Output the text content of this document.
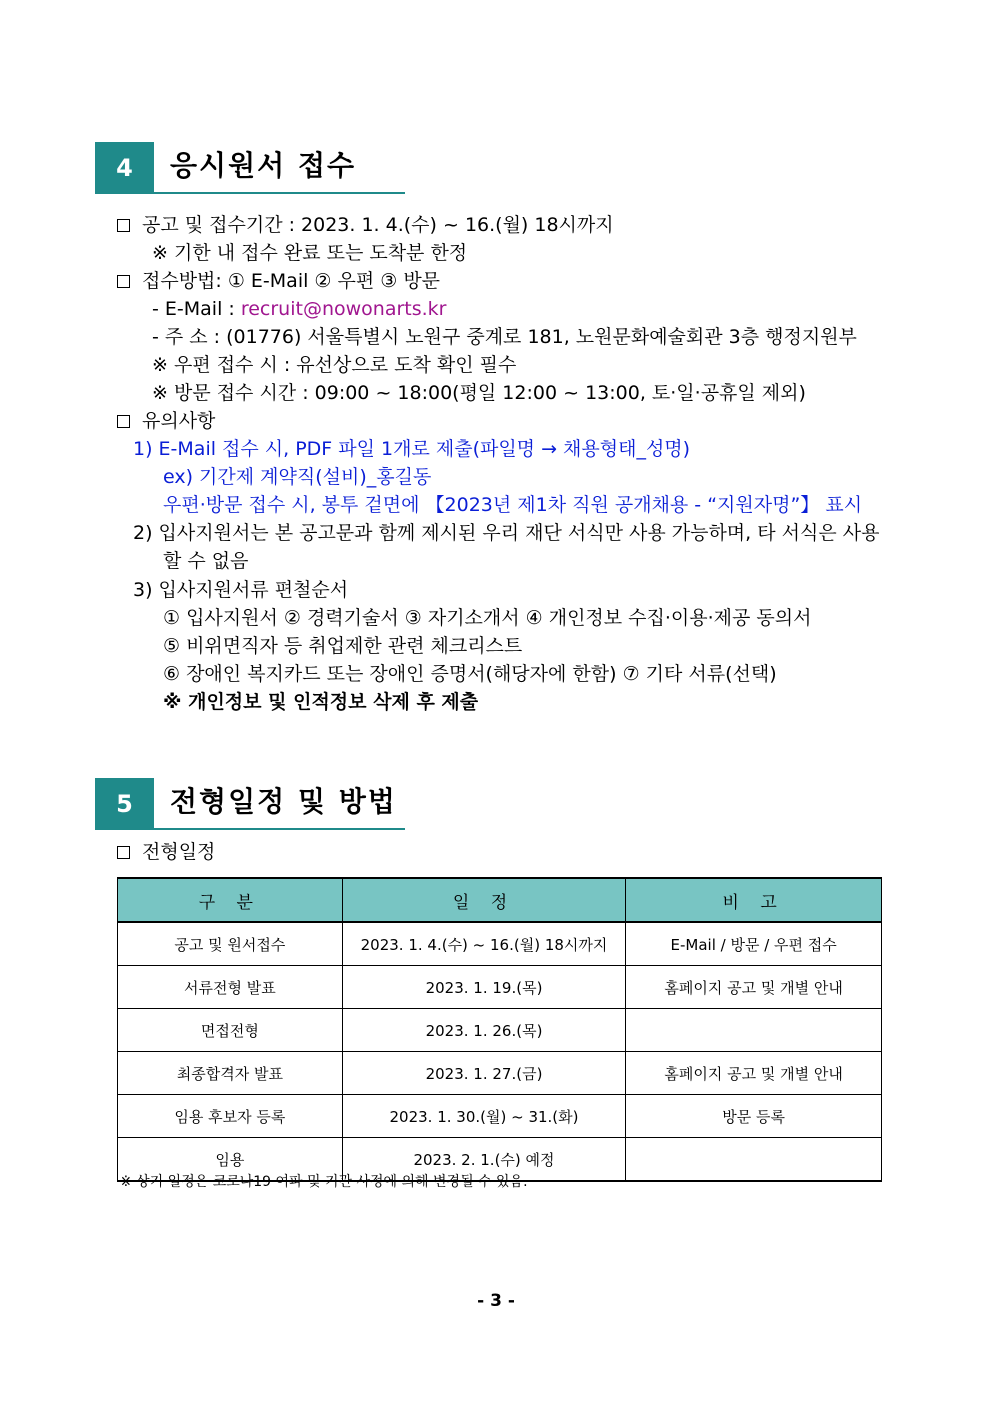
4	응시원서 접수
공고 및 접수기간 : 2023. 1. 4.(수) ~ 16.(월) 18시까지
※ 기한 내 접수 완료 또는 도착분 한정
접수방법: ① E-Mail ② 우편 ③ 방문
- E-Mail : recruit@nowonarts.kr
- 주 소 : (01776) 서울특별시 노원구 중계로 181, 노원문화예술회관 3층 행정지원부
※ 우편 접수 시 : 유선상으로 도착 확인 필수
※ 방문 접수 시간 : 09:00 ~ 18:00(평일 12:00 ~ 13:00, 토·일·공휴일 제외)
유의사항
1) E-Mail 접수 시, PDF 파일 1개로 제출(파일명 → 채용형태_성명)
ex) 기간제 계약직(설비)_홍길동
우편·방문 접수 시, 봉투 겉면에 【2023년 제1차 직원 공개채용 - “지원자명”】 표시
2) 입사지원서는 본 공고문과 함께 제시된 우리 재단 서식만 사용 가능하며, 타 서식은 사용
할 수 없음
3) 입사지원서류 편철순서
① 입사지원서 ② 경력기술서 ③ 자기소개서 ④ 개인정보 수집·이용·제공 동의서
⑤ 비위면직자 등 취업제한 관련 체크리스트
⑥ 장애인 복지카드 또는 장애인 증명서(해당자에 한함) ⑦ 기타 서류(선택)
※ 개인정보 및 인적정보 삭제 후 제출
5	전형일정 및 방법
전형일정
구 분	일 정	비 고
공고 및 원서접수	2023. 1. 4.(수) ~ 16.(월) 18시까지	E-Mail / 방문 / 우편 접수
서류전형 발표	2023. 1. 19.(목)	홈페이지 공고 및 개별 안내
면접전형	2023. 1. 26.(목)	
최종합격자 발표	2023. 1. 27.(금)	홈페이지 공고 및 개별 안내
임용 후보자 등록	2023. 1. 30.(월) ~ 31.(화)	방문 등록
임용	2023. 2. 1.(수) 예정	
※ 상기 일정은 코로나19 여파 및 기관 사정에 의해 변경될 수 있음.
- 3 -
